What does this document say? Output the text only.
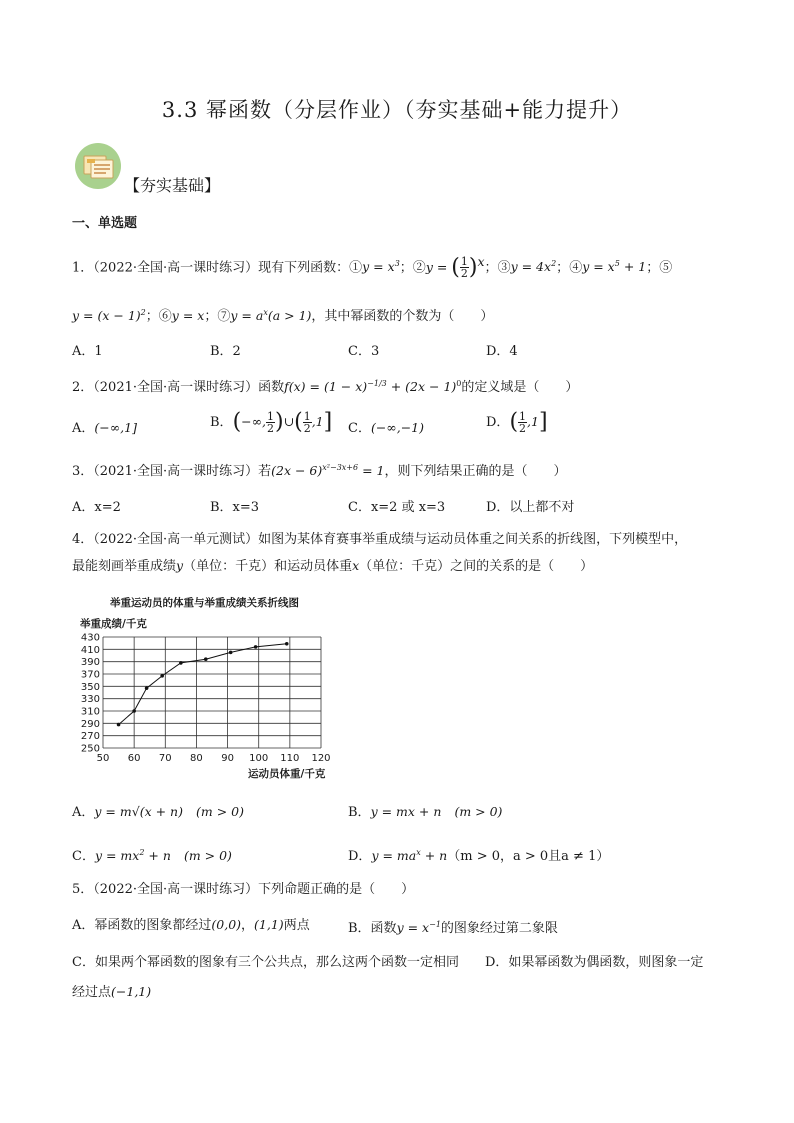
3.3 幂函数（分层作业）（夯实基础+能力提升）
【夯实基础】
一、单选题
1．（2022·全国·高一课时练习）现有下列函数：①y = $x^3$；②y = ( $\frac{1}{2} )^x$；③y = $4x^2$；④y = $x^5 + 1$；⑤
$y = (x - 1)^2$；⑥y = x；⑦y = $a^x(a > 1)$，其中幂函数的个数为（　　）
A．1	B．2	C．3	D．4
2．（2021·全国·高一课时练习）函数$f(x) = (1 - x)^{-1/3} + (2x - 1)^0$的定义域是（　　）
A．(−∞,1]	B．(−∞, $\frac{1}{2}$ )∪( $\frac{1}{2} ,1$] C．(−∞,−1)	D．( $\frac{1}{2} ,1$]
3．（2021·全国·高一课时练习）若$(2x - 6)^{x^2-3x+6} = 1$，则下列结果正确的是（　　）
A．x=2	B．x=3	C．x=2 或 x=3	D．以上都不对
4．（2022·全国·高一单元测试）如图为某体育赛事举重成绩与运动员体重之间关系的折线图，下列模型中，
最能刻画举重成绩y（单位：千克）和运动员体重x（单位：千克）之间的关系的是（　　）
举重运动员的体重与举重成绩关系折线图
举重成绩/千克
运动员体重/千克
250
270
290
310
330
350
370
390
410
430
50 60 70 80 90 100 110 120
A．y = m√(x + n)　 (m > 0)	B．y = mx + n　 (m > 0)
C．$y = mx^2 + n$　 (m > 0)	D．$y = ma^x + n(m > 0$，a > 0且a ≠ 1）
5．（2022·全国·高一课时练习）下列命题正确的是（　　）
A．幂函数的图象都经过(0,0)，(1,1)两点	B．函数$y = x^{-1}$的图象经过第二象限
C．如果两个幂函数的图象有三个公共点，那么这两个函数一定相同 D．如果幂函数为偶函数，则图象一定
经过点(−1,1)
